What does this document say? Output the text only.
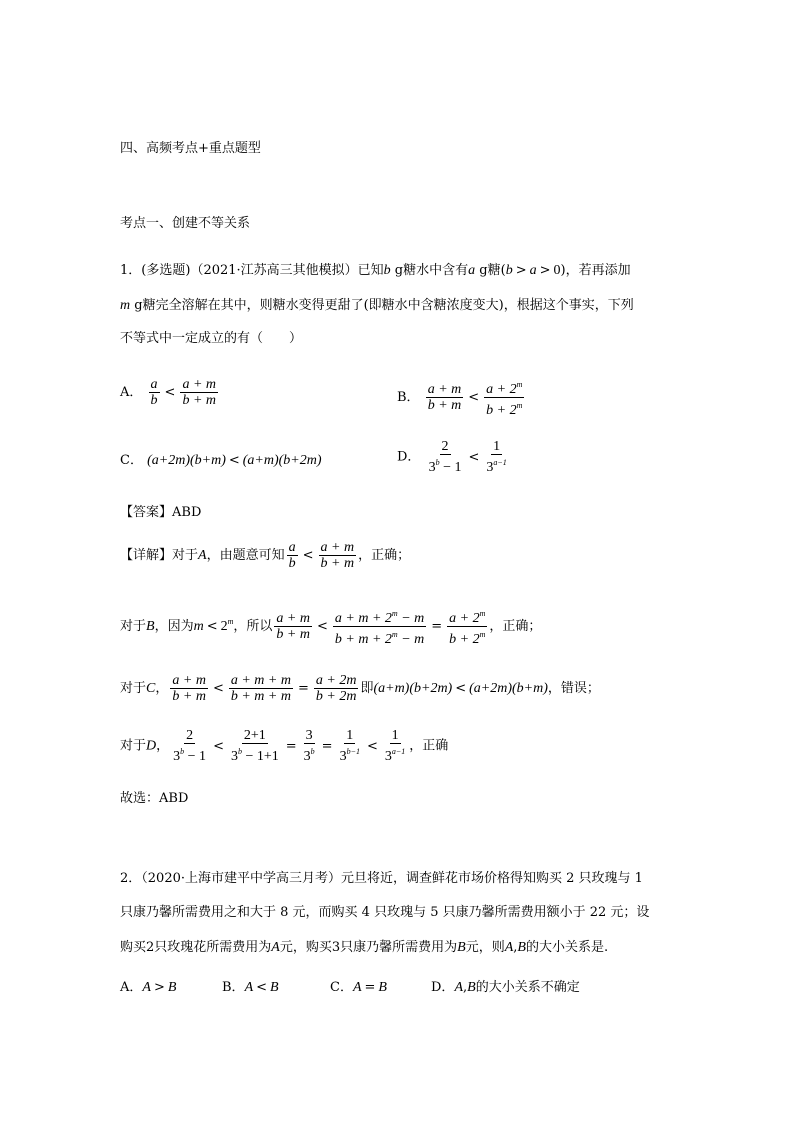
四、高频考点+重点题型
考点一、创建不等关系
1．(多选题)（2021·江苏高三其他模拟）已知b g糖水中含有a g糖(b > a > 0)，若再添加
m g糖完全溶解在其中，则糖水变得更甜了(即糖水中含糖浓度变大)，根据这个事实，下列
不等式中一定成立的有（　　）
A． $\frac{a}{b} < \frac{a + m}{b + m}$	B． $\frac{a + m}{b + m} < \frac{a + 2^m}{b + 2^m}$
C． (a+2m)(b+m) < (a+m)(b+2m)	D． $\frac{2}{3^b - 1} < \frac{1}{3^{a-1}}$
【答案】ABD
【详解】对于A，由题意可知 $\frac{a}{b} < \frac{a + m}{b + m}$ ，正确；
对于B，因为$m < 2^m$，所以 $\frac{a + m}{b + m} < \frac{a + m + 2^m - m}{b + m + 2^m - m} = \frac{a + 2^m}{b + 2^m}$ ，正确；
对于C， $\frac{a + m}{b + m} < \frac{a + m + m}{b + m + m} = \frac{a + 2m}{b + 2m}$ 即(a+m)(b+2m) < (a+2m)(b+m)，错误；
对于D， $\frac{2}{3^b - 1} < \frac{2+1}{3^b - 1+1} = \frac{3}{3^b} = \frac{1}{3^{b-1}} < \frac{1}{3^{a-1}}$ ，正确
故选：ABD
2．（2020·上海市建平中学高三月考）元旦将近，调查鲜花市场价格得知购买 2 只玫瑰与 1
只康乃馨所需费用之和大于 8 元，而购买 4 只玫瑰与 5 只康乃馨所需费用额小于 22 元；设
购买2只玫瑰花所需费用为A元，购买3只康乃馨所需费用为B元，则A,B的大小关系是.
A．A > B	B．A < B	C．A = B	D．A,B的大小关系不确定
